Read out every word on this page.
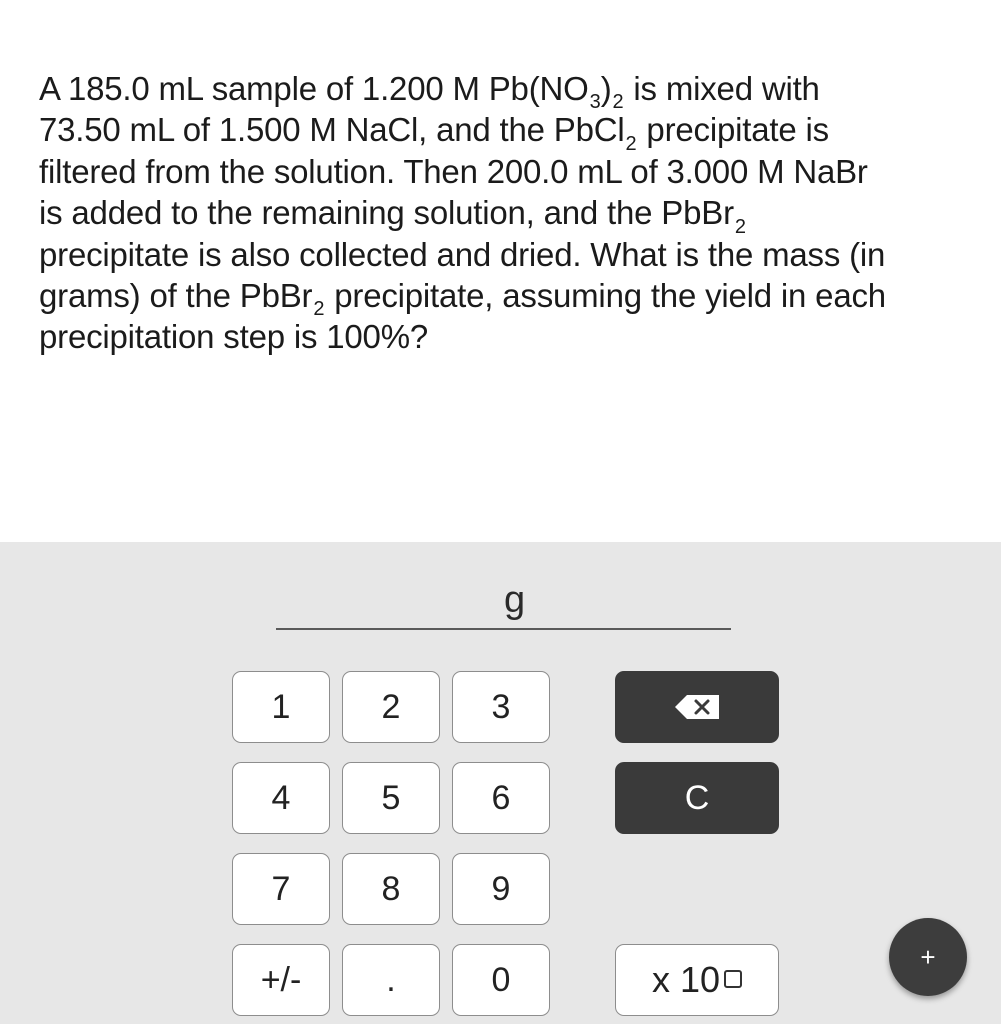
A 185.0 mL sample of 1.200 M $Pb(NO_3)_2$ is mixed with
73.50 mL of 1.500 M NaCl, and the PbCl$_2$ precipitate is
filtered from the solution. Then 200.0 mL of 3.000 M NaBr
is added to the remaining solution, and the PbBr$_2$
precipitate is also collected and dried. What is the mass (in
grams) of the PbBr$_2$ precipitate, assuming the yield in each
precipitation step is 100%?
g
1	2	3
4	5	6	C
7	8	9
+/-	.	0	x 10
+
